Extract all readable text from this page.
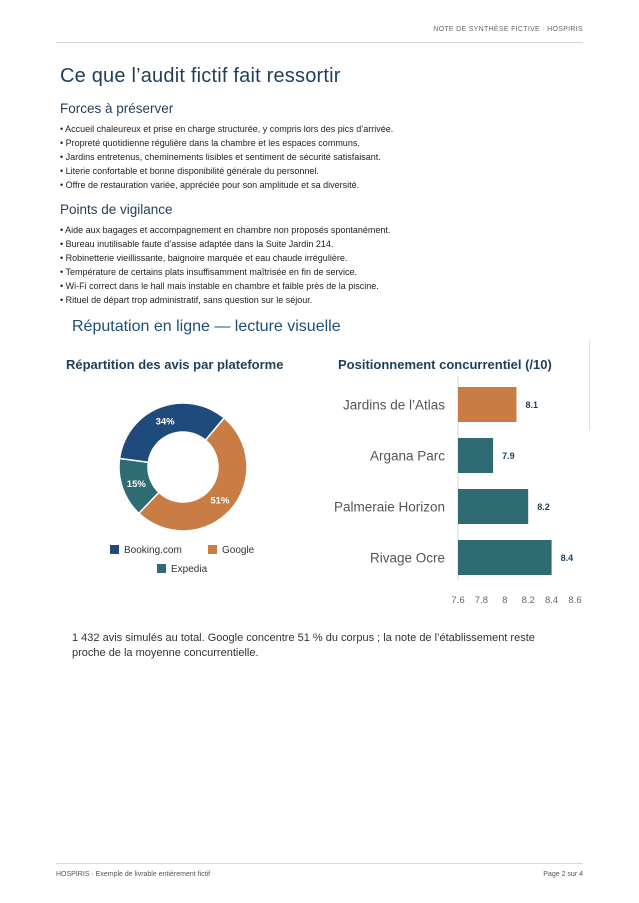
NOTE DE SYNTHÈSE FICTIVE · HOSPIRIS
Ce que l’audit fictif fait ressortir
Forces à préserver
• Accueil chaleureux et prise en charge structurée, y compris lors des pics d’arrivée.
• Propreté quotidienne régulière dans la chambre et les espaces communs.
• Jardins entretenus, cheminements lisibles et sentiment de sécurité satisfaisant.
• Literie confortable et bonne disponibilité générale du personnel.
• Offre de restauration variée, appréciée pour son amplitude et sa diversité.
Points de vigilance
• Aide aux bagages et accompagnement en chambre non proposés spontanément.
• Bureau inutilisable faute d’assise adaptée dans la Suite Jardin 214.
• Robinetterie vieillissante, baignoire marquée et eau chaude irrégulière.
• Température de certains plats insuffisamment maîtrisée en fin de service.
• Wi-Fi correct dans le hall mais instable en chambre et faible près de la piscine.
• Rituel de départ trop administratif, sans question sur le séjour.
Réputation en ligne — lecture visuelle
Répartition des avis par plateforme
34%
51%
15%
Booking.com	Google
Expedia
Positionnement concurrentiel (/10)
Jardins de l’Atlas	8.1
Argana Parc	7.9
Palmeraie Horizon	8.2
Rivage Ocre	8.4
7.6 7.8 8 8.2 8.4 8.6
1 432 avis simulés au total. Google concentre 51 % du corpus ; la note de l’établissement reste proche de la moyenne concurrentielle.
HOSPIRIS · Exemple de livrable entièrement fictif	Page 2 sur 4
